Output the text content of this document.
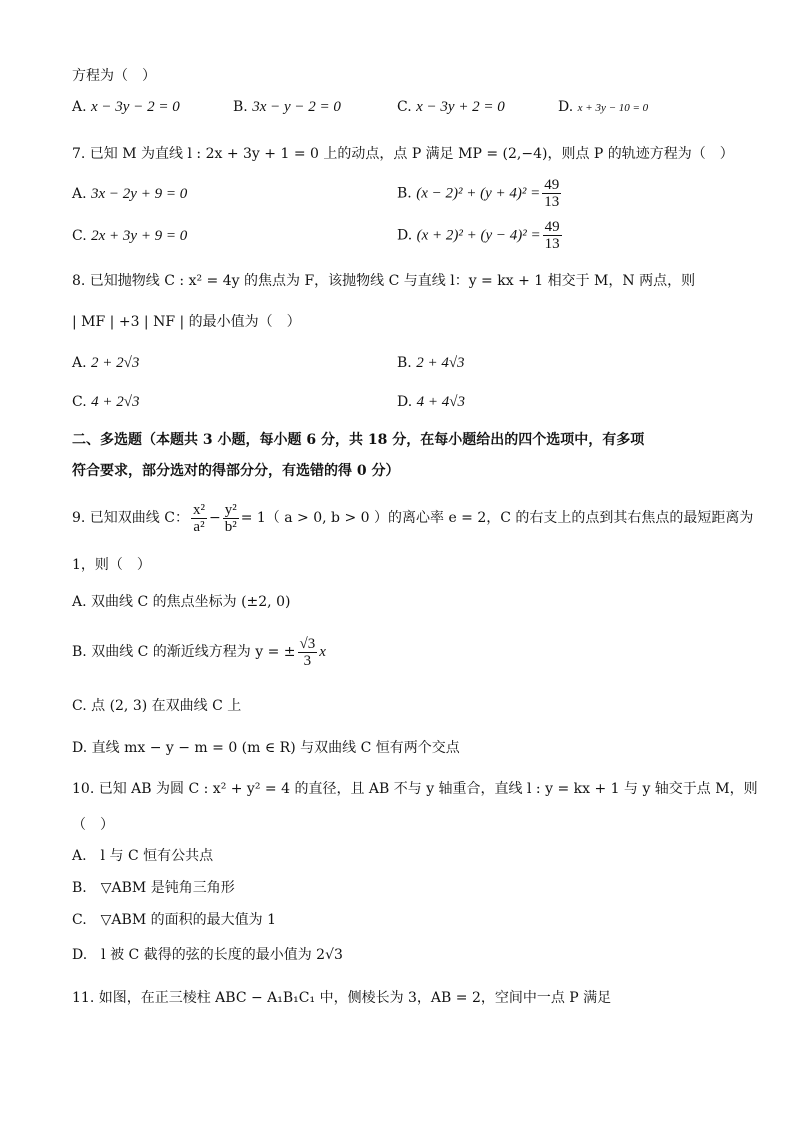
方程为（　）
A. x − 3y − 2 = 0	B. 3x − y − 2 = 0	C. x − 3y + 2 = 0	D. x + 3y − 10 = 0
7. 已知 M 为直线 l : 2x + 3y + 1 = 0 上的动点，点 P 满足 MP = (2,−4)，则点 P 的轨迹方程为（　）
A. 3x − 2y + 9 = 0	B. $(x - 2)^2 + (y + 4)^2 = \frac{49}{13}$
C. 2x + 3y + 9 = 0	D. $(x + 2)^2 + (y - 4)^2 = \frac{49}{13}$
8. 已知抛物线 C : x² = 4y 的焦点为 F，该抛物线 C 与直线 l：y = kx + 1 相交于 M，N 两点，则
| MF | +3 | NF | 的最小值为（　）
A. 2 + 2√3	B. 2 + 4√3
C. 4 + 2√3	D. 4 + 4√3
二、多选题（本题共 3 小题，每小题 6 分，共 18 分，在每小题给出的四个选项中，有多项
符合要求，部分选对的得部分分，有选错的得 0 分）
9. 已知双曲线 C： $\frac{\text{x²}}{\text{a²}} - \frac{\text{y²}}{\text{b²}} = 1$（ a > 0, b > 0 ）的离心率 e = 2，C 的右支上的点到其右焦点的最短距离为
1，则（　）
A. 双曲线 C 的焦点坐标为 (±2, 0)
B. 双曲线 C 的渐近线方程为 y = ± $\frac{√3}{3}$ x
C. 点 (2, 3) 在双曲线 C 上
D. 直线 mx − y − m = 0 (m ∈ R) 与双曲线 C 恒有两个交点
10. 已知 AB 为圆 C : x² + y² = 4 的直径，且 AB 不与 y 轴重合，直线 l : y = kx + 1 与 y 轴交于点 M，则
（　）
A.　l 与 C 恒有公共点
B.　▽ABM 是钝角三角形
C.　▽ABM 的面积的最大值为 1
D.　l 被 C 截得的弦的长度的最小值为 2√3
11. 如图，在正三棱柱 ABC − A₁B₁C₁ 中，侧棱长为 3，AB = 2，空间中一点 P 满足
